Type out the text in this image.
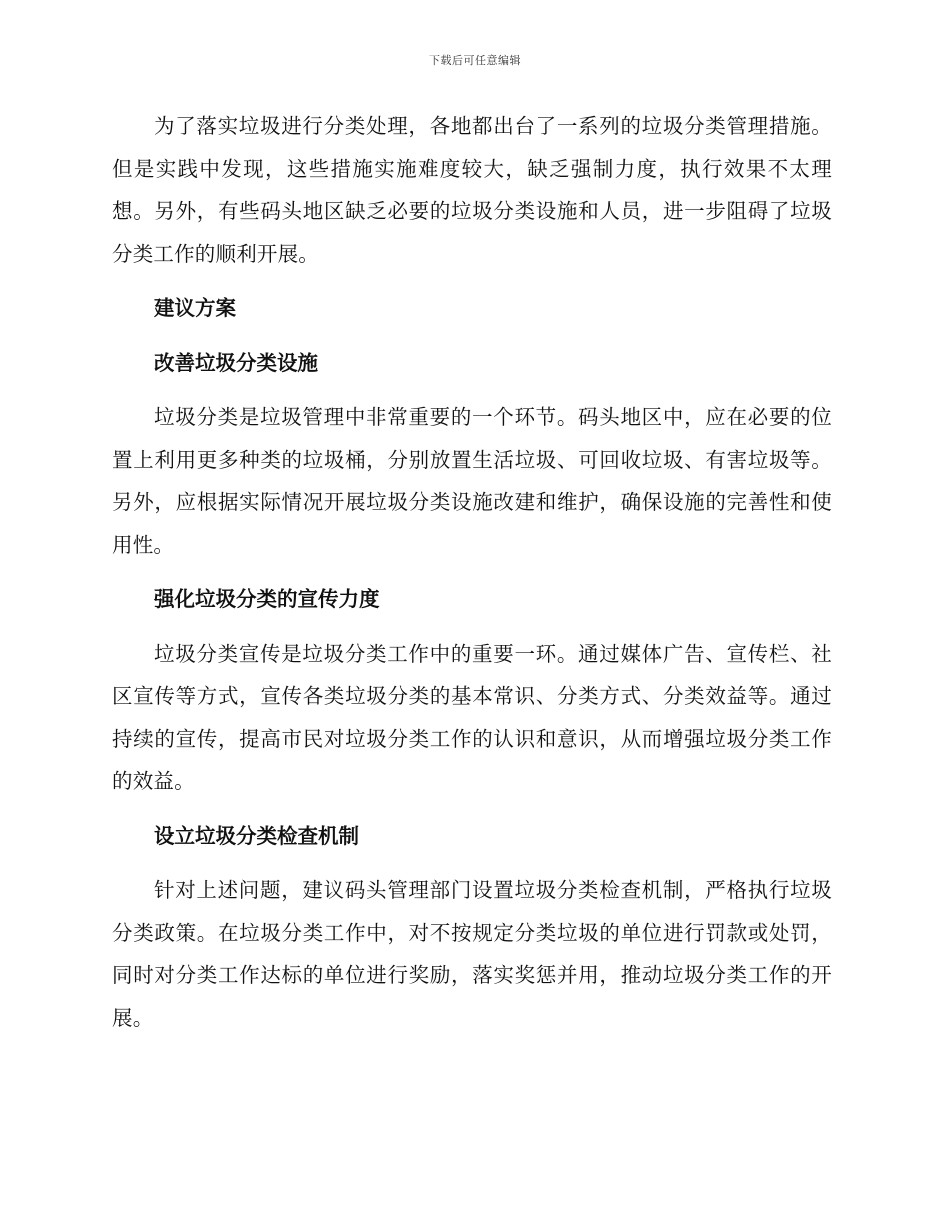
下载后可任意编辑

为了落实垃圾进行分类处理，各地都出台了一系列的垃圾分类管理措施。但是实践中发现，这些措施实施难度较大，缺乏强制力度，执行效果不太理想。另外，有些码头地区缺乏必要的垃圾分类设施和人员，进一步阻碍了垃圾分类工作的顺利开展。

建议方案

改善垃圾分类设施

垃圾分类是垃圾管理中非常重要的一个环节。码头地区中，应在必要的位置上利用更多种类的垃圾桶，分别放置生活垃圾、可回收垃圾、有害垃圾等。另外，应根据实际情况开展垃圾分类设施改建和维护，确保设施的完善性和使用性。

强化垃圾分类的宣传力度

垃圾分类宣传是垃圾分类工作中的重要一环。通过媒体广告、宣传栏、社区宣传等方式，宣传各类垃圾分类的基本常识、分类方式、分类效益等。通过持续的宣传，提高市民对垃圾分类工作的认识和意识，从而增强垃圾分类工作的效益。

设立垃圾分类检查机制

针对上述问题，建议码头管理部门设置垃圾分类检查机制，严格执行垃圾分类政策。在垃圾分类工作中，对不按规定分类垃圾的单位进行罚款或处罚，同时对分类工作达标的单位进行奖励，落实奖惩并用，推动垃圾分类工作的开展。
